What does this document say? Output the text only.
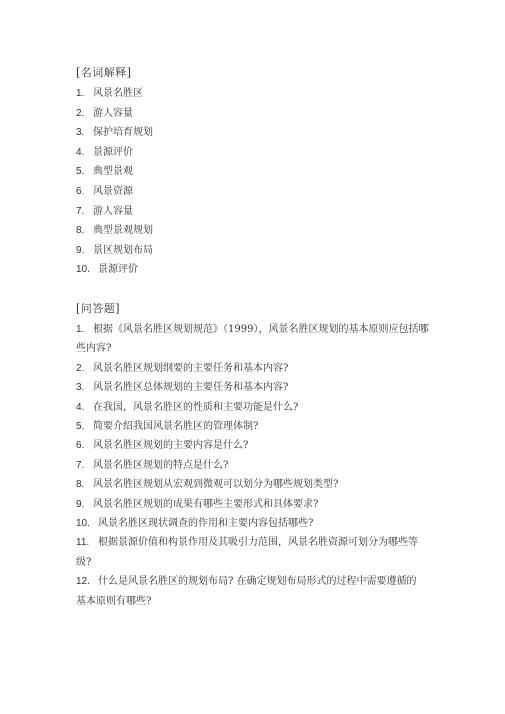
[名词解释]
1. 风景名胜区
2. 游人容量
3. 保护培育规划
4. 景源评价
5. 典型景观
6. 风景资源
7. 游人容量
8. 典型景观规划
9. 景区规划布局
10. 景源评价
[问答题]
1. 根据《风景名胜区规划规范》（1999），风景名胜区规划的基本原则应包括哪
些内容?
2. 风景名胜区规划纲要的主要任务和基本内容?
3. 风景名胜区总体规划的主要任务和基本内容?
4. 在我国，风景名胜区的性质和主要功能是什么?
5. 简要介绍我国风景名胜区的管理体制?
6. 风景名胜区规划的主要内容是什么?
7. 风景名胜区规划的特点是什么?
8. 风景名胜区规划从宏观到微观可以划分为哪些规划类型?
9. 风景名胜区规划的成果有哪些主要形式和具体要求?
10. 风景名胜区现状调查的作用和主要内容包括哪些?
11. 根据景源价值和构景作用及其吸引力范围，风景名胜资源可划分为哪些等
级?
12. 什么是风景名胜区的规划布局? 在确定规划布局形式的过程中需要遵循的
基本原则有哪些?
